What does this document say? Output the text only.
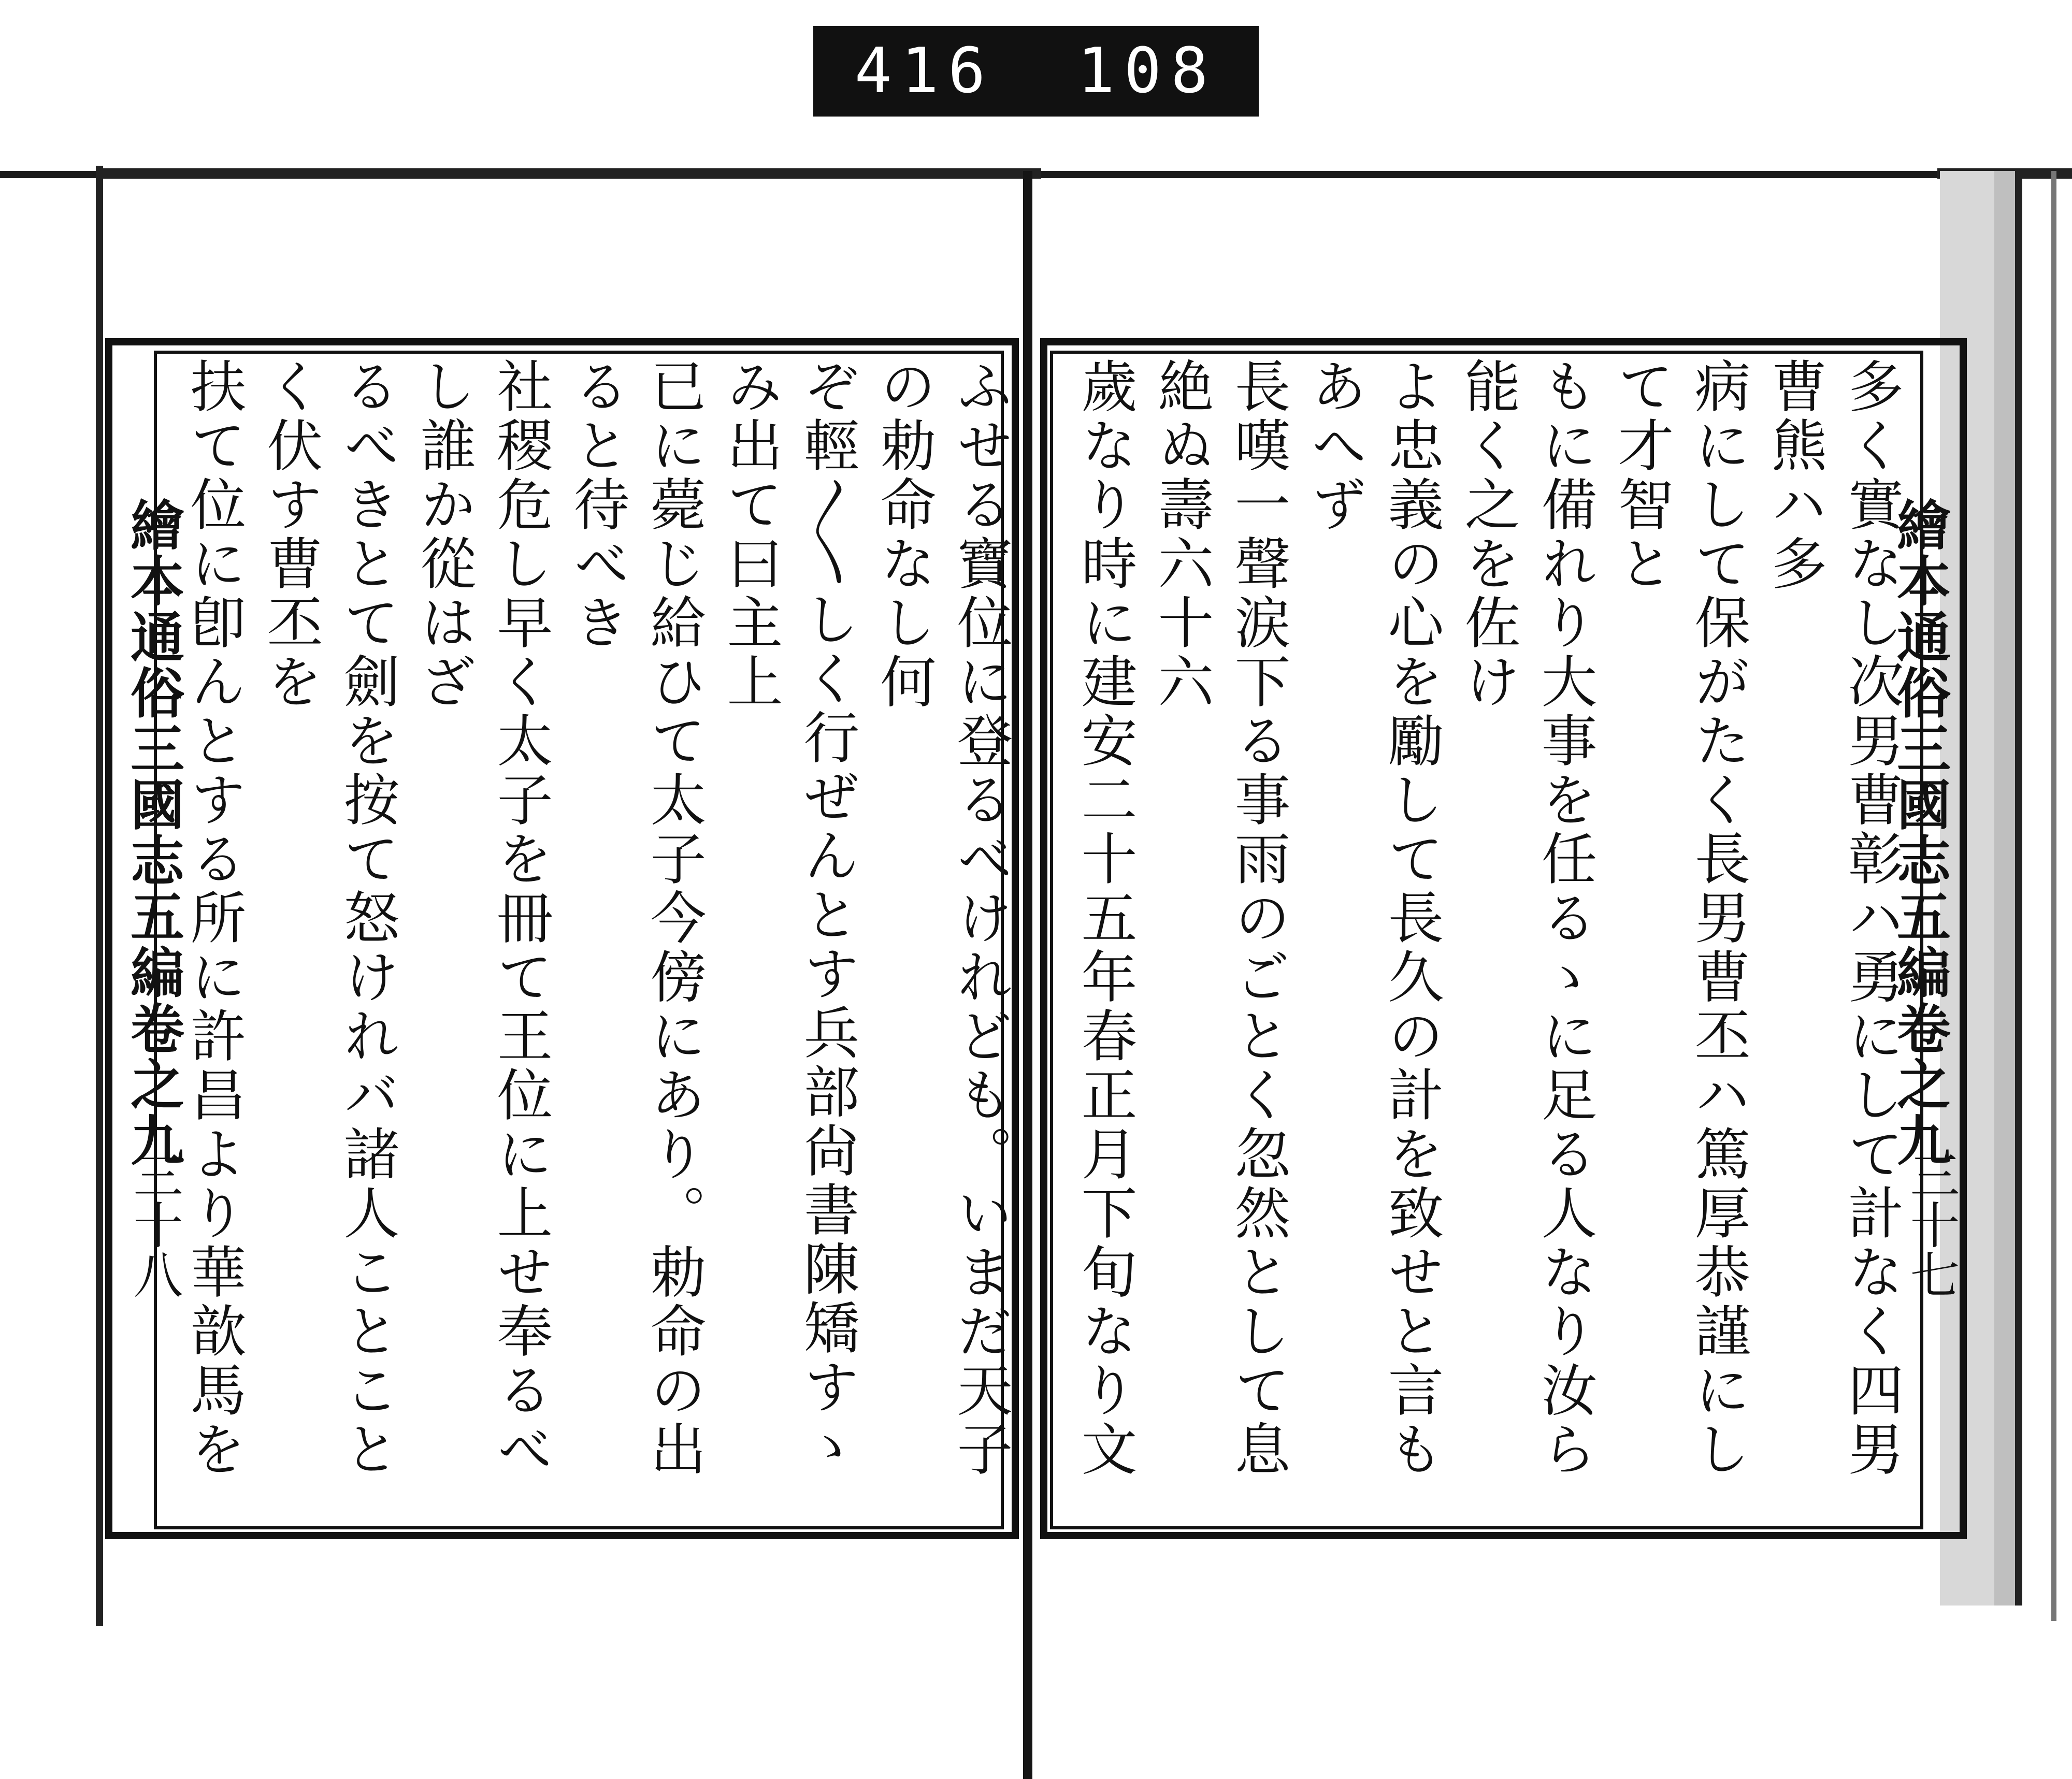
416 108
繪本通俗三國志五編卷之九
三十八	ふせる寶位に登るべけれども。いまだ天子の勅命なし何
ぞ輕〳〵しく行ぜんとす兵部尙書陳矯すゝみ出て曰主上
已に薨じ給ひて太子今傍にあり。勅命の出ると待べき
社稷危し早く太子を冊て王位に上せ奉るべし誰か從はざ
るべきとて劍を按て怒けれバ諸人ことことく伏す曹丕を
扶て位に卽んとする所に許昌より華歆馬を
繪本通俗三國志五編卷之九
三十七
多く實なし次男曹彰ハ勇にして計なく四男曹熊ハ多
病にして保がたく長男曹丕ハ篤厚恭謹にして才智と
もに備れり大事を任るゝに足る人なり汝ら能く之を佐け
よ忠義の心を勵して長久の計を致せと言もあへず
長嘆一聲涙下る事雨のごとく忽然として息絶ぬ壽六十六
歲なり時に建安二十五年春正月下旬なり文
